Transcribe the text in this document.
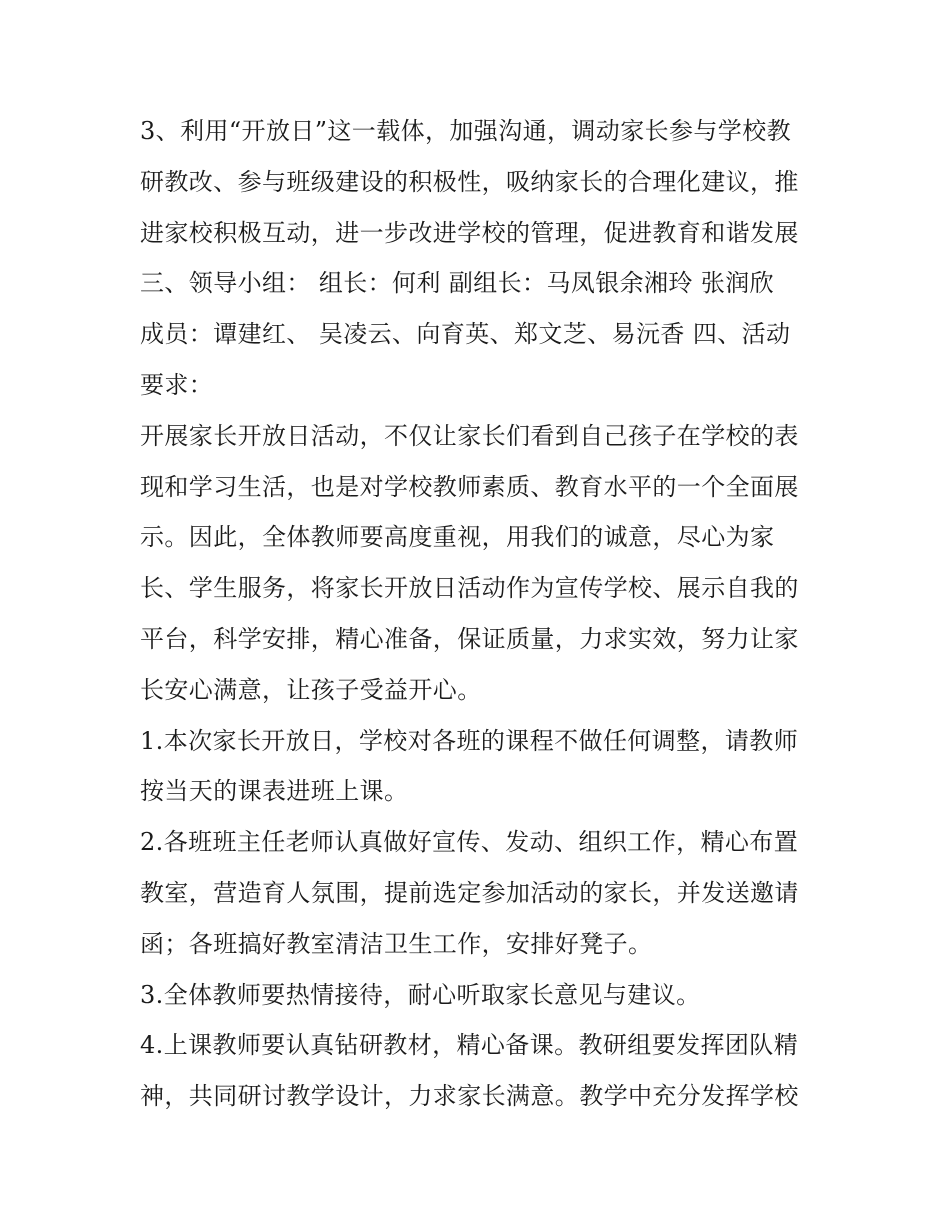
3、利用“开放日”这一载体，加强沟通，调动家长参与学校教
研教改、参与班级建设的积极性，吸纳家长的合理化建议，推
进家校积极互动，进一步改进学校的管理，促进教育和谐发展
三、领导小组： 组长：何利 副组长：马凤银余湘玲 张润欣
成员：谭建红、 吴凌云、向育英、郑文芝、易沅香 四、活动
要求：
开展家长开放日活动，不仅让家长们看到自己孩子在学校的表
现和学习生活，也是对学校教师素质、教育水平的一个全面展
示。因此，全体教师要高度重视，用我们的诚意，尽心为家
长、学生服务，将家长开放日活动作为宣传学校、展示自我的
平台，科学安排，精心准备，保证质量，力求实效，努力让家
长安心满意，让孩子受益开心。
1.本次家长开放日，学校对各班的课程不做任何调整，请教师
按当天的课表进班上课。
2.各班班主任老师认真做好宣传、发动、组织工作，精心布置
教室，营造育人氛围，提前选定参加活动的家长，并发送邀请
函；各班搞好教室清洁卫生工作，安排好凳子。
3.全体教师要热情接待，耐心听取家长意见与建议。
4.上课教师要认真钻研教材，精心备课。教研组要发挥团队精
神，共同研讨教学设计，力求家长满意。教学中充分发挥学校
